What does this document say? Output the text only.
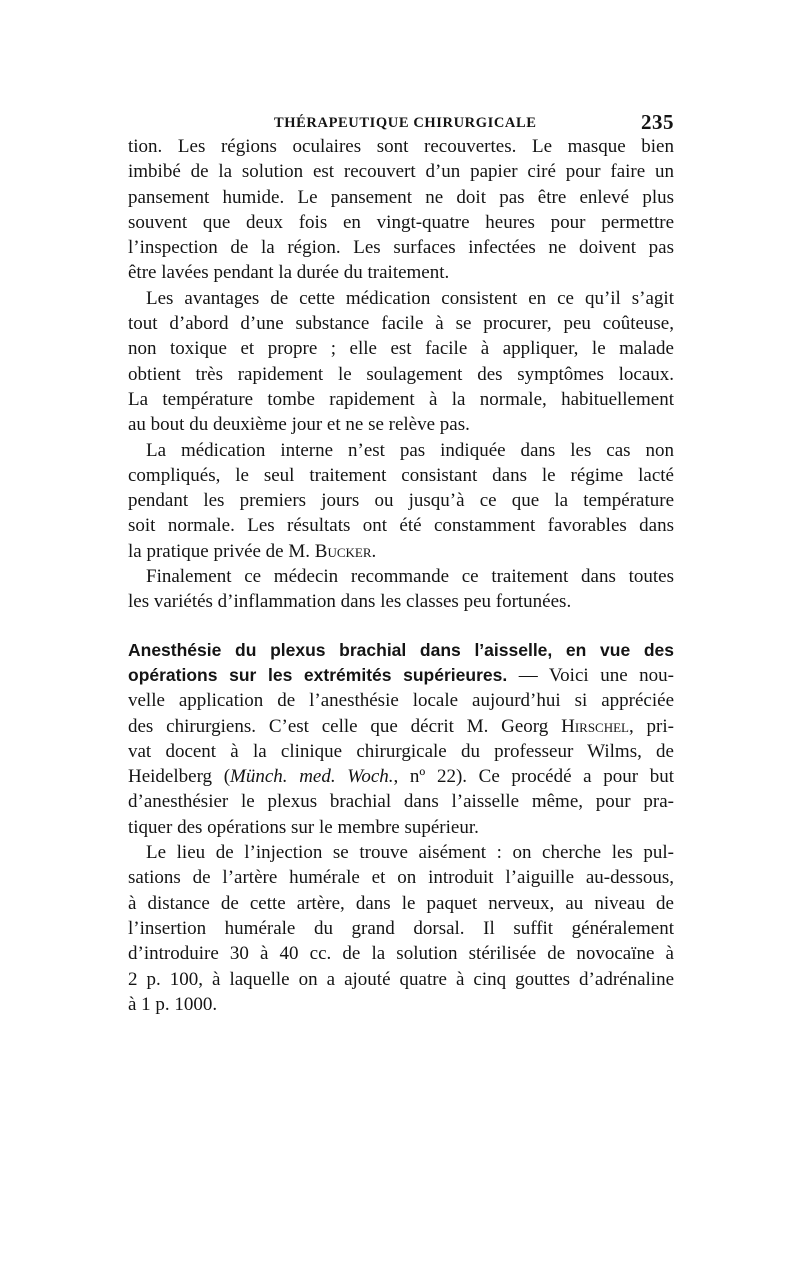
THÉRAPEUTIQUE CHIRURGICALE	235
tion. Les régions oculaires sont recouvertes. Le masque bien
imbibé de la solution est recouvert d’un papier ciré pour faire un
pansement humide. Le pansement ne doit pas être enlevé plus
souvent que deux fois en vingt-quatre heures pour permettre
l’inspection de la région. Les surfaces infectées ne doivent pas
être lavées pendant la durée du traitement.
Les avantages de cette médication consistent en ce qu’il s’agit
tout d’abord d’une substance facile à se procurer, peu coûteuse,
non toxique et propre ; elle est facile à appliquer, le malade
obtient très rapidement le soulagement des symptômes locaux.
La température tombe rapidement à la normale, habituellement
au bout du deuxième jour et ne se relève pas.
La médication interne n’est pas indiquée dans les cas non
compliqués, le seul traitement consistant dans le régime lacté
pendant les premiers jours ou jusqu’à ce que la température
soit normale. Les résultats ont été constamment favorables dans
la pratique privée de M. Bucker.
Finalement ce médecin recommande ce traitement dans toutes
les variétés d’inflammation dans les classes peu fortunées.
Anesthésie du plexus brachial dans l’aisselle, en vue des
opérations sur les extrémités supérieures. — Voici une nou-
velle application de l’anesthésie locale aujourd’hui si appréciée
des chirurgiens. C’est celle que décrit M. Georg Hirschel, pri-
vat docent à la clinique chirurgicale du professeur Wilms, de
Heidelberg (Münch. med. Woch., nº 22). Ce procédé a pour but
d’anesthésier le plexus brachial dans l’aisselle même, pour pra-
tiquer des opérations sur le membre supérieur.
Le lieu de l’injection se trouve aisément : on cherche les pul-
sations de l’artère humérale et on introduit l’aiguille au-dessous,
à distance de cette artère, dans le paquet nerveux, au niveau de
l’insertion humérale du grand dorsal. Il suffit généralement
d’introduire 30 à 40 cc. de la solution stérilisée de novocaïne à
2 p. 100, à laquelle on a ajouté quatre à cinq gouttes d’adrénaline
à 1 p. 1000.
